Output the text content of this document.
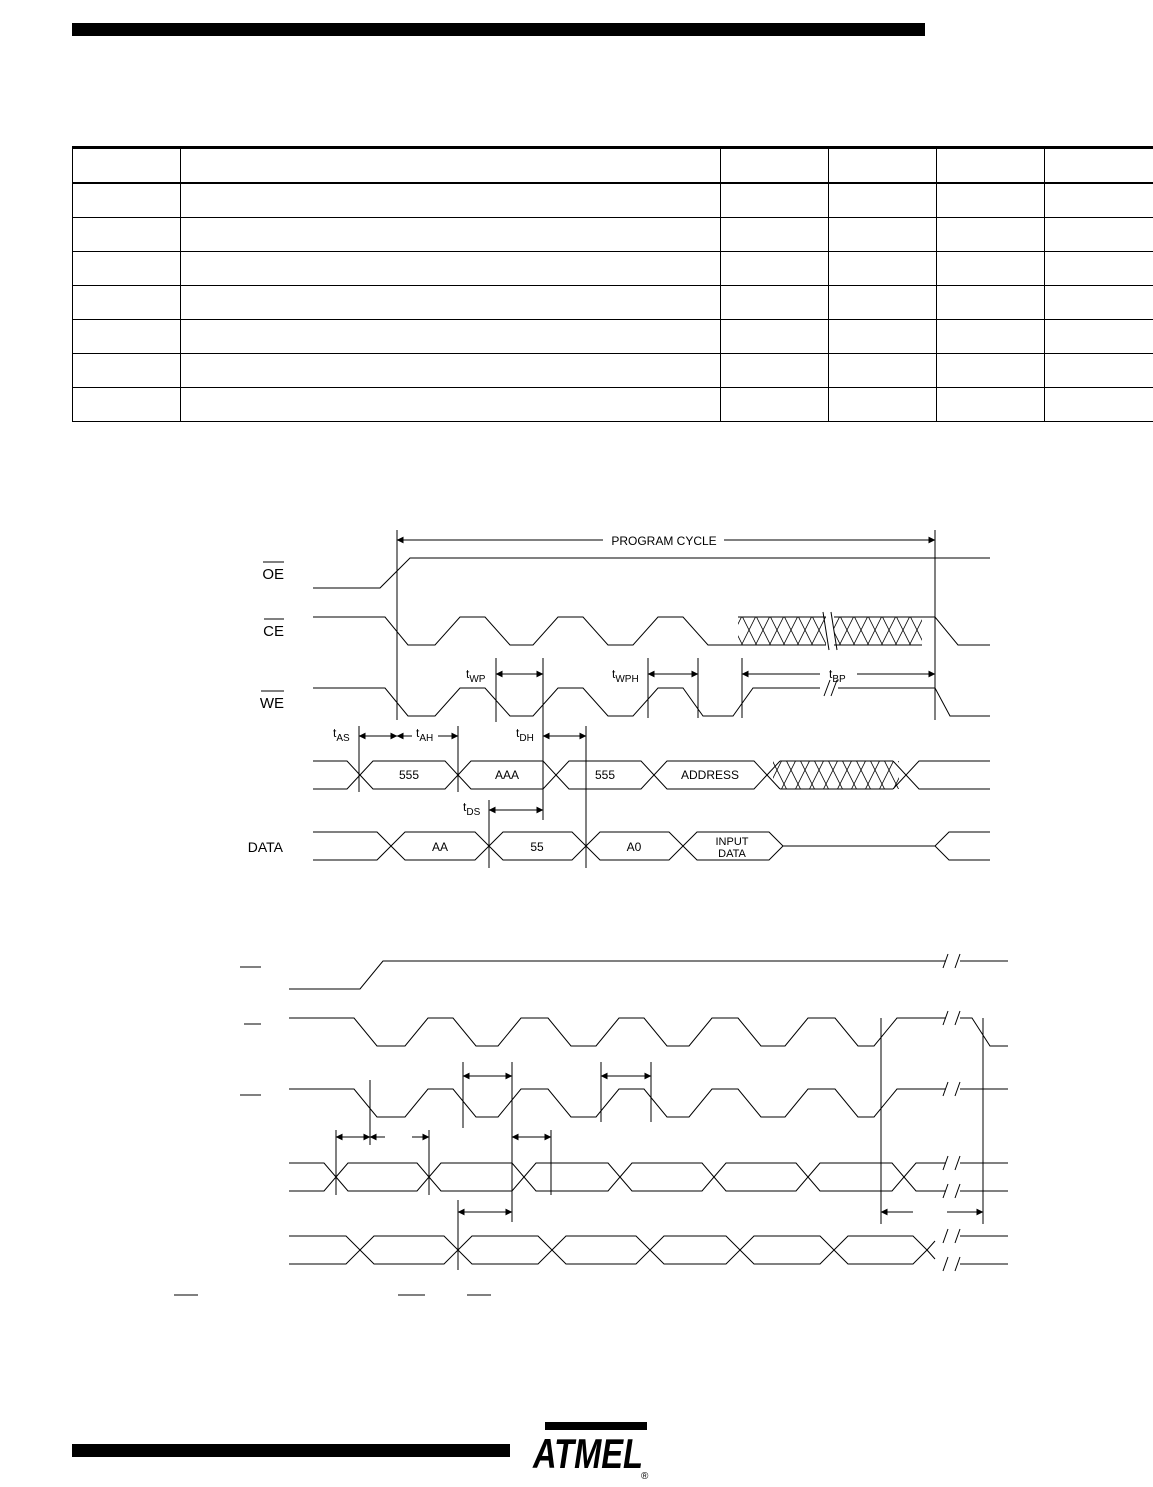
PROGRAM CYCLE
OE
CE
WE
DATA
$t_{WP}$	$t_{WPH}$	$t_{BP}$
$t_{AS}$	$t_{AH}$	$t_{DH}$
$t_{DS}$
555	AAA	555	ADDRESS
AA	55	A0	INPUT
DATA
ATMEL
®
